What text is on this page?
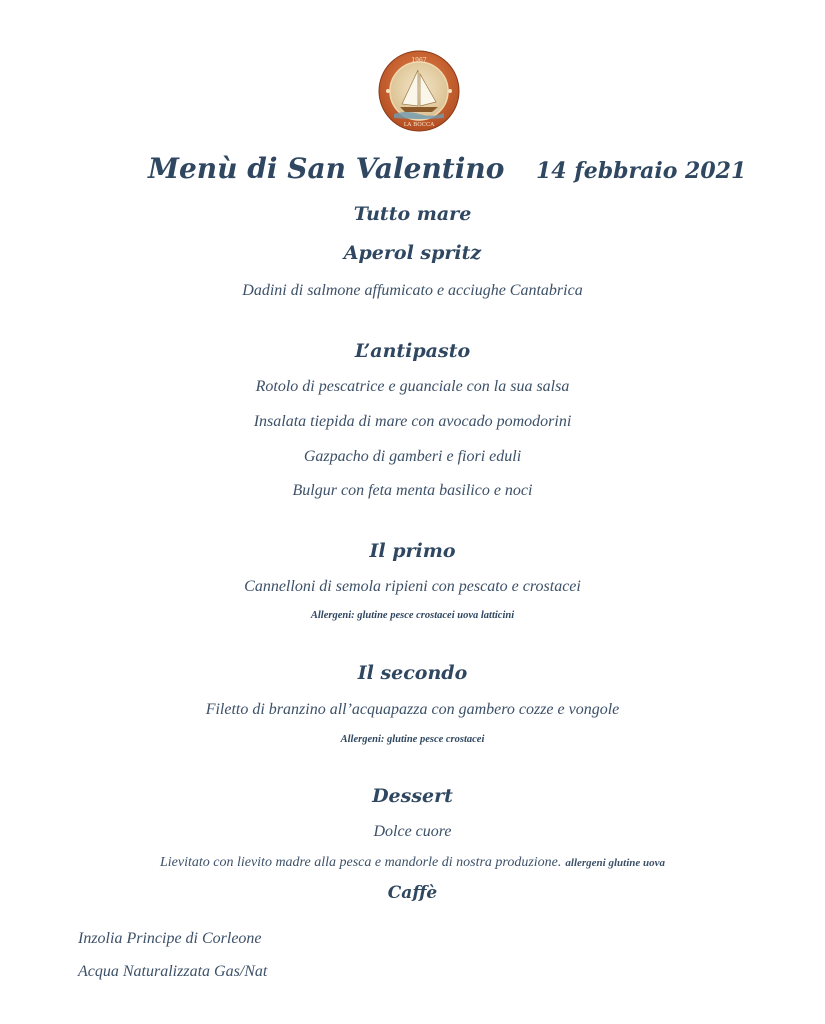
1967
LA BOCCA
Menù di San Valentino 14 febbraio 2021
Tutto mare
Aperol spritz
Dadini di salmone affumicato e acciughe Cantabrica
L’antipasto
Rotolo di pescatrice e guanciale con la sua salsa
Insalata tiepida di mare con avocado pomodorini
Gazpacho di gamberi e fiori eduli
Bulgur con feta menta basilico e noci
Il primo
Cannelloni di semola ripieni con pescato e crostacei
Allergeni: glutine pesce crostacei uova latticini
Il secondo
Filetto di branzino all’acquapazza con gambero cozze e vongole
Allergeni: glutine pesce crostacei
Dessert
Dolce cuore
Lievitato con lievito madre alla pesca e mandorle di nostra produzione. allergeni glutine uova
Caffè
Inzolia Principe di Corleone
Acqua Naturalizzata Gas/Nat
